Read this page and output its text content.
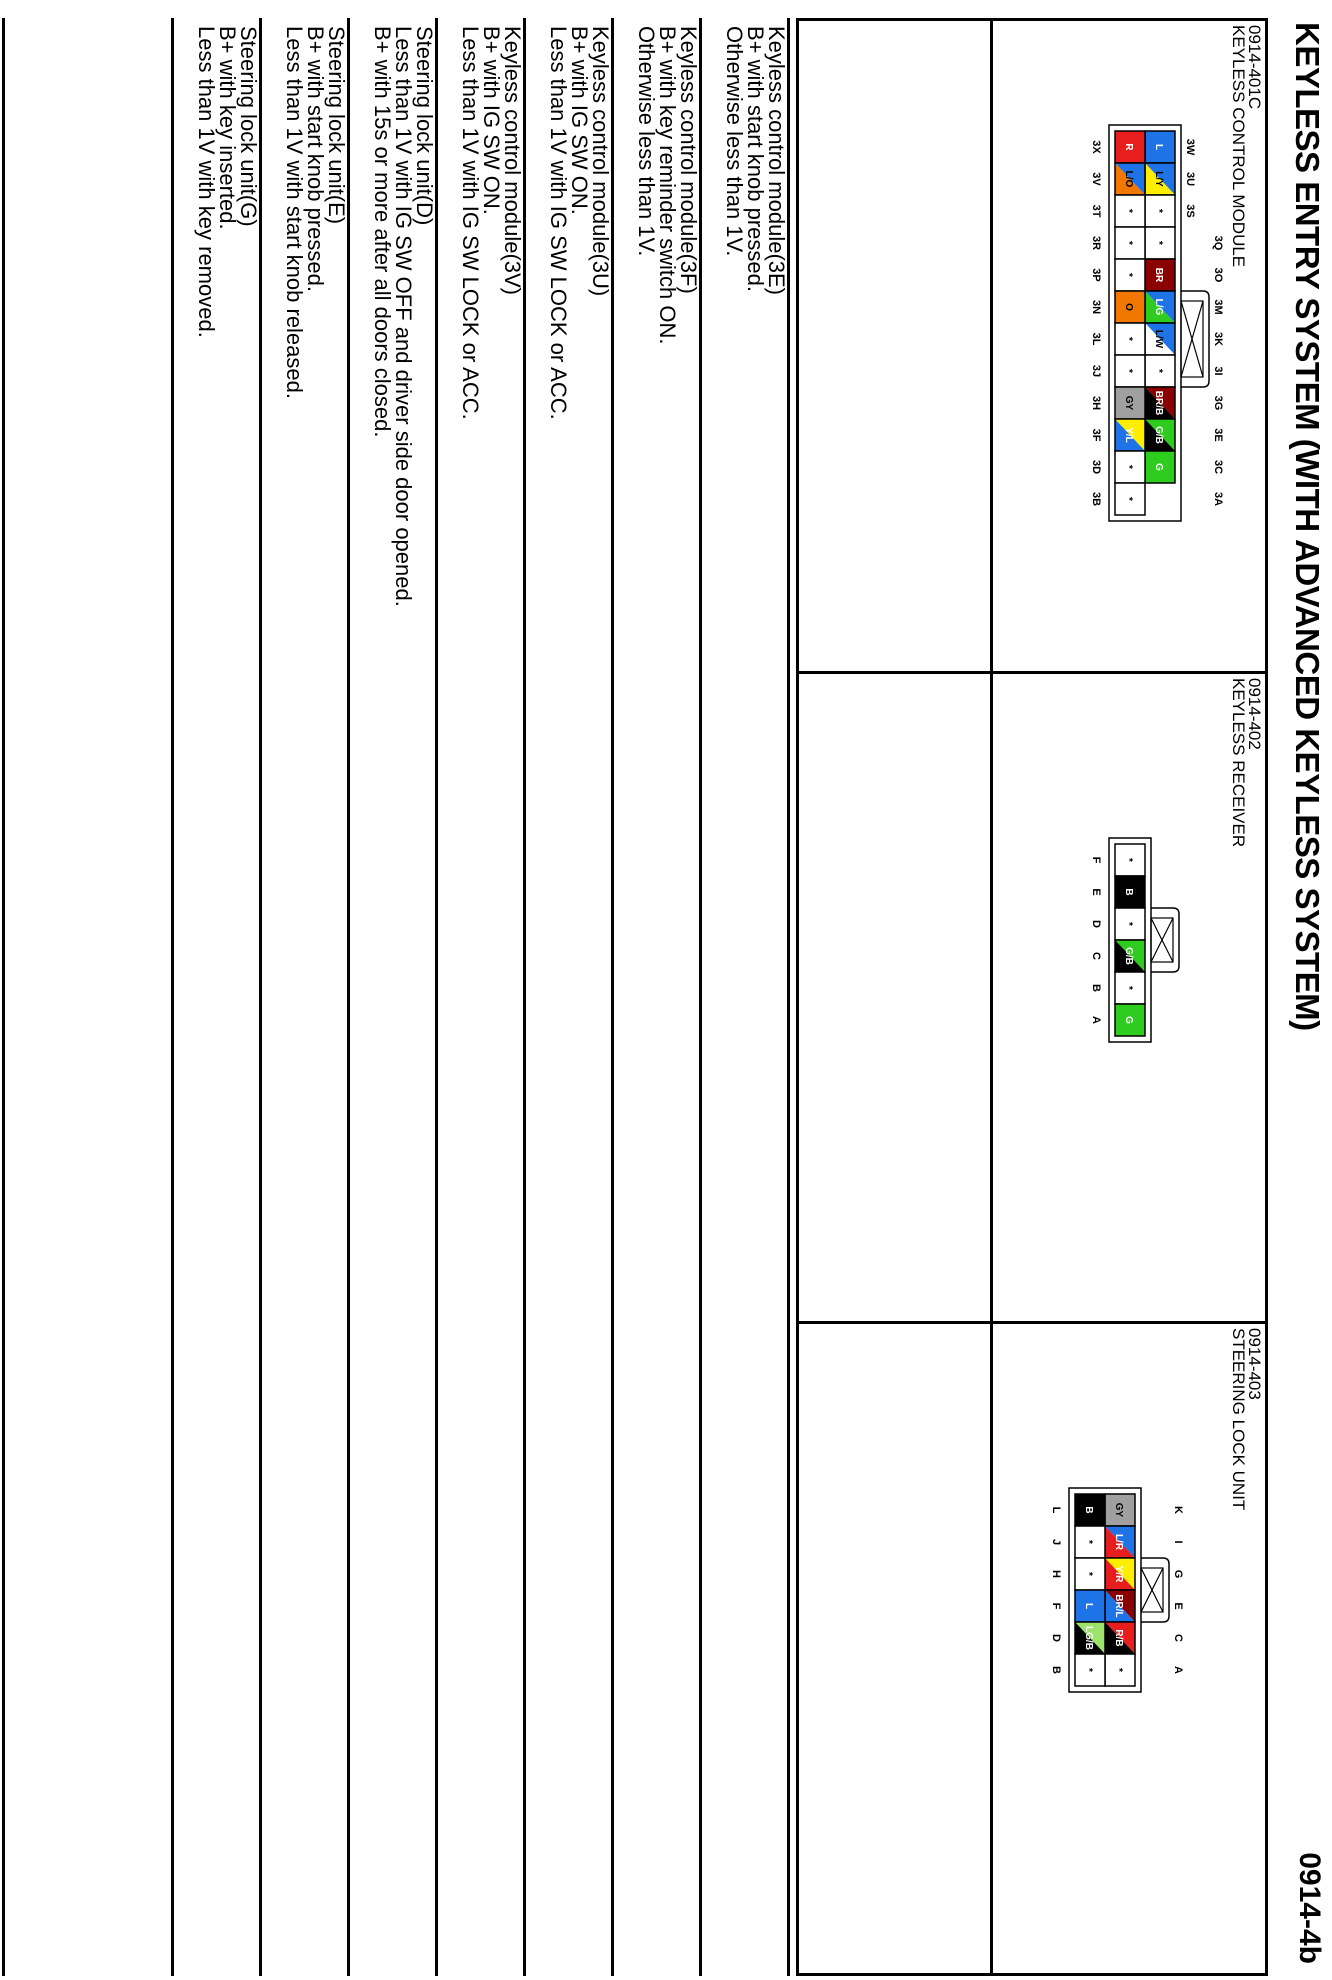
KEYLESS ENTRY SYSTEM (WITH ADVANCED KEYLESS SYSTEM)
0914-4b
0914-401C
KEYLESS CONTROL MODULE
L
L/Y
*
*
BR
L/G
L/W
*
BR/B
G/B
G
R
L/O
*
*
*
O
*
*
GY
Y/L
*
*
3W
3U
3S
3Q
3O
3M
3K
3I
3G
3E
3C
3A
3X
3V
3T
3R
3P
3N
3L
3J
3H
3F
3D
3B
0914-402
KEYLESS RECEIVER
*
B
*
G/B
*
G
F
E
D
C
B
A
0914-403
STEERING LOCK UNIT
GY
L/R
Y/R
BR/L
R/B
*
B
*
*
L
LG/B
*
K
I
G
E
C
A
L
J
H
F
D
B
Keyless control module(3E)
B+ with start knob pressed.
Otherwise less than 1V.
Keyless control module(3F)
B+ with key reminder switch ON.
Otherwise less than 1V.
Keyless control module(3U)
B+ with IG SW ON.
Less than 1V with IG SW LOCK or ACC.
Keyless control module(3V)
B+ with IG SW ON.
Less than 1V with IG SW LOCK or ACC.
Steering lock unit(D)
Less than 1V with IG SW OFF and driver side door opened.
B+ with 15s or more after all doors closed.
Steering lock unit(E)
B+ with start knob pressed.
Less than 1V with start knob released.
Steering lock unit(G)
B+ with key inserted.
Less than 1V with key removed.
